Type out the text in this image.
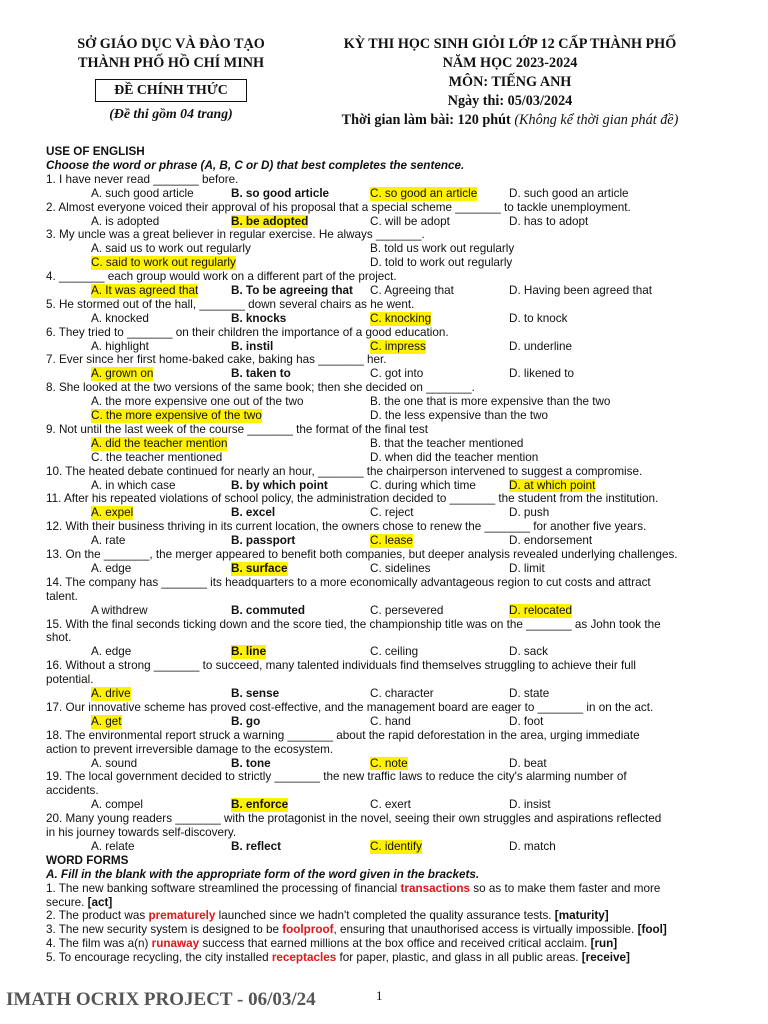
SỞ GIÁO DỤC VÀ ĐÀO TẠO
THÀNH PHỐ HỒ CHÍ MINH
ĐỀ CHÍNH THỨC
(Đề thi gồm 04 trang)
KỲ THI HỌC SINH GIỎI LỚP 12 CẤP THÀNH PHỐ
NĂM HỌC 2023-2024
MÔN: TIẾNG ANH
Ngày thi: 05/03/2024
Thời gian làm bài: 120 phút (Không kể thời gian phát đề)
USE OF ENGLISH
Choose the word or phrase (A, B, C or D) that best completes the sentence.
1. I have never read _______ before.
A. such good article	B. so good article	C. so good an article	D. such good an article
2. Almost everyone voiced their approval of his proposal that a special scheme _______ to tackle unemployment.
A. is adopted	B. be adopted	C. will be adopt	D. has to adopt
3. My uncle was a great believer in regular exercise. He always _______.
A. said us to work out regularly	B. told us work out regularly
C. said to work out regularly	D. told to work out regularly
4. _______ each group would work on a different part of the project.
A. It was agreed that	B. To be agreeing that C. Agreeing that	D. Having been agreed that
5. He stormed out of the hall, _______ down several chairs as he went.
A. knocked	B. knocks	C. knocking	D. to knock
6. They tried to _______ on their children the importance of a good education.
A. highlight	B. instil	C. impress	D. underline
7. Ever since her first home-baked cake, baking has _______ her.
A. grown on	B. taken to	C. got into	D. likened to
8. She looked at the two versions of the same book; then she decided on _______.
A. the more expensive one out of the two	B. the one that is more expensive than the two
C. the more expensive of the two	D. the less expensive than the two
9. Not until the last week of the course _______ the format of the final test
A. did the teacher mention	B. that the teacher mentioned
C. the teacher mentioned	D. when did the teacher mention
10. The heated debate continued for nearly an hour, _______ the chairperson intervened to suggest a compromise.
A. in which case	B. by which point	C. during which time	D. at which point
11. After his repeated violations of school policy, the administration decided to _______ the student from the institution.
A. expel	B. excel	C. reject	D. push
12. With their business thriving in its current location, the owners chose to renew the _______ for another five years.
A. rate	B. passport	C. lease	D. endorsement
13. On the _______, the merger appeared to benefit both companies, but deeper analysis revealed underlying challenges.
A. edge	B. surface	C. sidelines	D. limit
14. The company has _______ its headquarters to a more economically advantageous region to cut costs and attract
talent.
A withdrew	B. commuted	C. persevered	D. relocated
15. With the final seconds ticking down and the score tied, the championship title was on the _______ as John took the
shot.
A. edge	B. line	C. ceiling	D. sack
16. Without a strong _______ to succeed, many talented individuals find themselves struggling to achieve their full
potential.
A. drive	B. sense	C. character	D. state
17. Our innovative scheme has proved cost-effective, and the management board are eager to _______ in on the act.
A. get	B. go	C. hand	D. foot
18. The environmental report struck a warning _______ about the rapid deforestation in the area, urging immediate
action to prevent irreversible damage to the ecosystem.
A. sound	B. tone	C. note	D. beat
19. The local government decided to strictly _______ the new traffic laws to reduce the city's alarming number of
accidents.
A. compel	B. enforce	C. exert	D. insist
20. Many young readers _______ with the protagonist in the novel, seeing their own struggles and aspirations reflected
in his journey towards self-discovery.
A. relate	B. reflect	C. identify	D. match
WORD FORMS
A. Fill in the blank with the appropriate form of the word given in the brackets.
1. The new banking software streamlined the processing of financial transactions so as to make them faster and more
secure. [act]
2. The product was prematurely launched since we hadn't completed the quality assurance tests. [maturity]
3. The new security system is designed to be foolproof, ensuring that unauthorised access is virtually impossible. [fool]
4. The film was a(n) runaway success that earned millions at the box office and received critical acclaim. [run]
5. To encourage recycling, the city installed receptacles for paper, plastic, and glass in all public areas. [receive]
IMATH OCRIX PROJECT - 06/03/24	1
